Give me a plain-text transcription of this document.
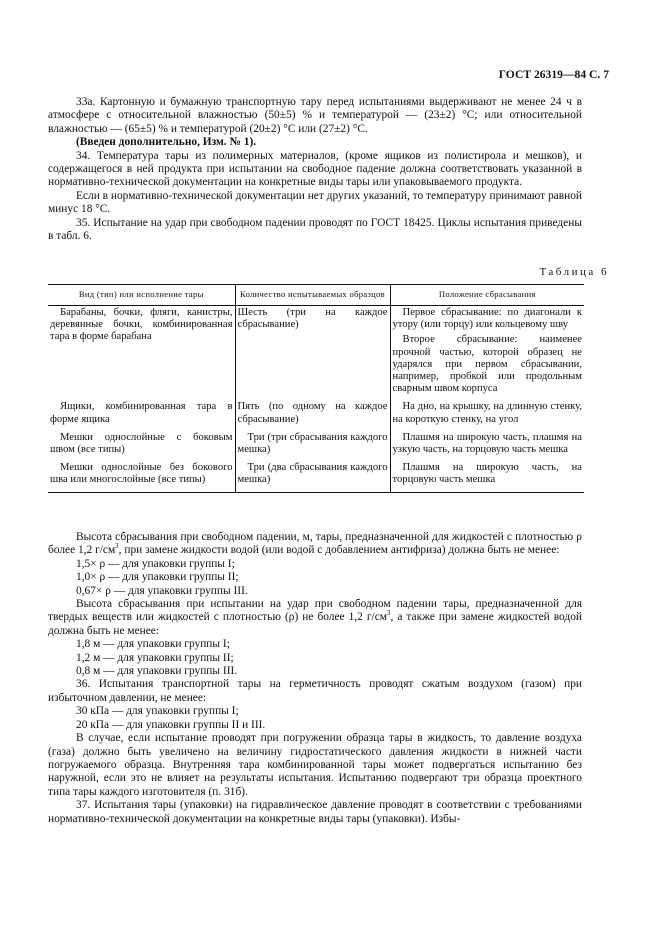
ГОСТ 26319—84 С. 7

33а. Картонную и бумажную транспортную тару перед испытаниями выдерживают не менее 24 ч в атмосфере с относительной влажностью (50±5) % и температурой — (23±2) °С; или относительной влажностью — (65±5) % и температурой (20±2) °С или (27±2) °С.

(Введен дополнительно, Изм. № 1).

34. Температура тары из полимерных материалов, (кроме ящиков из полистирола и мешков), и содержащегося в ней продукта при испытании на свободное падение должна соответствовать указанной в нормативно-технической документации на конкретные виды тары или упаковываемого продукта.

Если в нормативно-технической документации нет других указаний, то температуру принимают равной минус 18 °С.

35. Испытание на удар при свободном падении проводят по ГОСТ 18425. Циклы испытания приведены в табл. 6.

Таблица 6
Вид (тип) или исполнение тары	Количество испытываемых образцов	Положение сбрасывания
Барабаны, бочки, фляги, канистры, деревянные бочки, комбинированная тара в форме барабана	Шесть (три на каждое сбрасывание)	Первое сбрасывание: по диагонали к утору (или торцу) или кольцевому шву
Второе сбрасывание: наименее прочной частью, которой образец не ударялся при первом сбрасывании, например, пробкой или продольным сварным швом корпуса

Ящики, комбинированная тара в форме ящика	Пять (по одному на каждое сбрасывание)	На дно, на крышку, на длинную стенку, на короткую стенку, на угол
Мешки однослойные с боковым швом (все типы)	Три (три сбрасывания каждого мешка)	Плашмя на широкую часть, плашмя на узкую часть, на торцовую часть мешка
Мешки однослойные без бокового шва или многослойные (все типы)	Три (два сбрасывания каждого мешка)	Плашмя на широкую часть, на торцовую часть мешка

Высота сбрасывания при свободном падении, м, тары, предназначенной для жидкостей с плотностью ρ более 1,2 $г/см^3$, при замене жидкости водой (или водой с добавлением антифриза) должна быть не менее:

1,5× ρ — для упаковки группы I;

1,0× ρ — для упаковки группы II;

0,67× ρ — для упаковки группы III.

Высота сбрасывания при испытании на удар при свободном падении тары, предназначенной для твердых веществ или жидкостей с плотностью (ρ) не более 1,2 $г/см^3$, а также при замене жидкостей водой должна быть не менее:

1,8 м — для упаковки группы I;

1,2 м — для упаковки группы II;

0,8 м — для упаковки группы III.

36. Испытания транспортной тары на герметичность проводят сжатым воздухом (газом) при избыточном давлении, не менее:

30 кПа — для упаковки группы I;

20 кПа — для упаковки группы II и III.

В случае, если испытание проводят при погружении образца тары в жидкость, то давление воздуха (газа) должно быть увеличено на величину гидростатического давления жидкости в нижней части погружаемого образца. Внутренняя тара комбинированной тары может подвергаться испытанию без наружной, если это не влияет на результаты испытания. Испытанию подвергают три образца проектного типа тары каждого изготовителя (п. 31б).

37. Испытания тары (упаковки) на гидравлическое давление проводят в соответствии с требованиями нормативно-технической документации на конкретные виды тары (упаковки). Избы-
